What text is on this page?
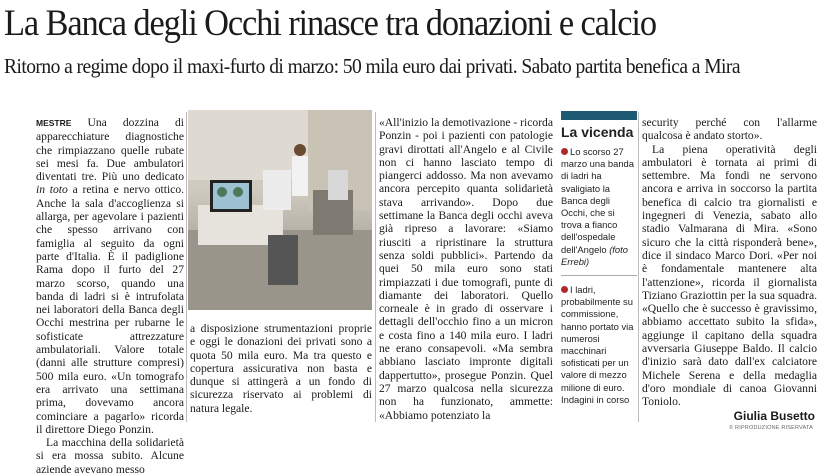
La Banca degli Occhi rinasce tra donazioni e calcio
Ritorno a regime dopo il maxi-furto di marzo: 50 mila euro dai privati. Sabato partita benefica a Mira

MESTRE Una dozzina di apparecchiature diagnostiche che rimpiazzano quelle rubate sei mesi fa. Due ambulatori diventati tre. Più uno dedicato in toto a retina e nervo ottico. Anche la sala d'accoglienza si allarga, per agevolare i pazienti che spesso arrivano con famiglia al seguito da ogni parte d'Italia. È il padiglione Rama dopo il furto del 27 marzo scorso, quando una banda di ladri si è intrufolata nei laboratori della Banca degli Occhi mestrina per rubarne le sofisticate attrezzature ambulatoriali. Valore totale (danni alle strutture compresi) 500 mila euro. «Un tomografo era arrivato una settimana prima, dovevamo ancora cominciare a pagarlo» ricorda il direttore Diego Ponzin.

La macchina della solidarietà si era mossa subito. Alcune aziende avevano messo

a disposizione strumentazioni proprie e oggi le donazioni dei privati sono a quota 50 mila euro. Ma tra questo e copertura assicurativa non basta e dunque si attingerà a un fondo di sicurezza riservato ai problemi di natura legale.

«All'inizio la demotivazione - ricorda Ponzin - poi i pazienti con patologie gravi dirottati all'Angelo e al Civile non ci hanno lasciato tempo di piangerci addosso. Ma non avevamo ancora percepito quanta solidarietà stava arrivando». Dopo due settimane la Banca degli occhi aveva già ripreso a lavorare: «Siamo riusciti a ripristinare la struttura senza soldi pubblici». Partendo da quei 50 mila euro sono stati rimpiazzati i due tomografi, punte di diamante dei laboratori. Quello corneale è in grado di osservare i dettagli dell'occhio fino a un micron e costa fino a 140 mila euro. I ladri ne erano consapevoli. «Ma sembra abbiano lasciato impronte digitali dappertutto», prosegue Ponzin. Quel 27 marzo qualcosa nella sicurezza non ha funzionato, ammette: «Abbiamo potenziato la

La vicenda
Lo scorso 27 marzo una banda di ladri ha svaligiato la Banca degli Occhi, che si trova a fianco dell'ospedale dell'Angelo (foto Errebi)
I ladri, probabilmente su commissione, hanno portato via numerosi macchinari sofisticati per un valore di mezzo milione di euro. Indagini in corso

security perché con l'allarme qualcosa è andato storto».

La piena operatività degli ambulatori è tornata ai primi di settembre. Ma fondi ne servono ancora e arriva in soccorso la partita benefica di calcio tra giornalisti e ingegneri di Venezia, sabato allo stadio Valmarana di Mira. «Sono sicuro che la città risponderà bene», dice il sindaco Marco Dori. «Per noi è fondamentale mantenere alta l'attenzione», ricorda il giornalista Tiziano Graziottin per la sua squadra. «Quello che è successo è gravissimo, abbiamo accettato subito la sfida», aggiunge il capitano della squadra avversaria Giuseppe Baldo. Il calcio d'inizio sarà dato dall'ex calciatore Michele Serena e della medaglia d'oro mondiale di canoa Giovanni Toniolo.

Giulia Busetto
© RIPRODUZIONE RISERVATA
